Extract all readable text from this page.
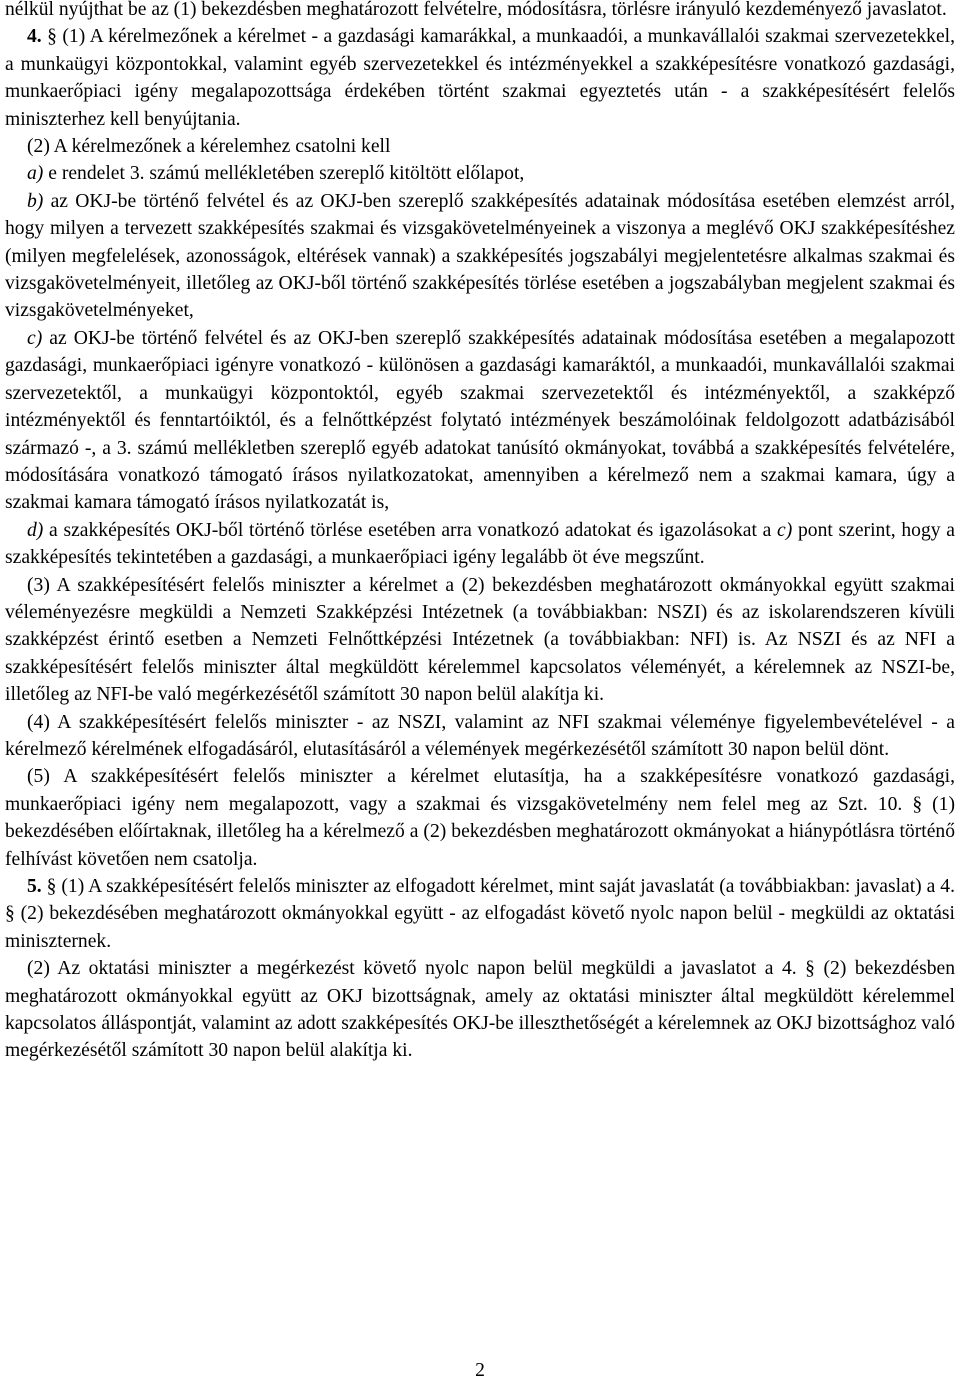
nélkül nyújthat be az (1) bekezdésben meghatározott felvételre, módosításra, törlésre irányuló kezdeményező javaslatot.

4. § (1) A kérelmezőnek a kérelmet - a gazdasági kamarákkal, a munkaadói, a munkavállalói szakmai szervezetekkel, a munkaügyi központokkal, valamint egyéb szervezetekkel és intézményekkel a szakképesítésre vonatkozó gazdasági, munkaerőpiaci igény megalapozottsága érdekében történt szakmai egyeztetés után - a szakképesítésért felelős miniszterhez kell benyújtania.

(2) A kérelmezőnek a kérelemhez csatolni kell

a) e rendelet 3. számú mellékletében szereplő kitöltött előlapot,

b) az OKJ-be történő felvétel és az OKJ-ben szereplő szakképesítés adatainak módosítása esetében elemzést arról, hogy milyen a tervezett szakképesítés szakmai és vizsgakövetelményeinek a viszonya a meglévő OKJ szakképesítéshez (milyen megfelelések, azonosságok, eltérések vannak) a szakképesítés jogszabályi megjelentetésre alkalmas szakmai és vizsgakövetelményeit, illetőleg az OKJ-ből történő szakképesítés törlése esetében a jogszabályban megjelent szakmai és vizsgakövetelményeket,

c) az OKJ-be történő felvétel és az OKJ-ben szereplő szakképesítés adatainak módosítása esetében a megalapozott gazdasági, munkaerőpiaci igényre vonatkozó - különösen a gazdasági kamaráktól, a munkaadói, munkavállalói szakmai szervezetektől, a munkaügyi központoktól, egyéb szakmai szervezetektől és intézményektől, a szakképző intézményektől és fenntartóiktól, és a felnőttképzést folytató intézmények beszámolóinak feldolgozott adatbázisából származó -, a 3. számú mellékletben szereplő egyéb adatokat tanúsító okmányokat, továbbá a szakképesítés felvételére, módosítására vonatkozó támogató írásos nyilatkozatokat, amennyiben a kérelmező nem a szakmai kamara, úgy a szakmai kamara támogató írásos nyilatkozatát is,

d) a szakképesítés OKJ-ből történő törlése esetében arra vonatkozó adatokat és igazolásokat a c) pont szerint, hogy a szakképesítés tekintetében a gazdasági, a munkaerőpiaci igény legalább öt éve megszűnt.

(3) A szakképesítésért felelős miniszter a kérelmet a (2) bekezdésben meghatározott okmányokkal együtt szakmai véleményezésre megküldi a Nemzeti Szakképzési Intézetnek (a továbbiakban: NSZI) és az iskolarendszeren kívüli szakképzést érintő esetben a Nemzeti Felnőttképzési Intézetnek (a továbbiakban: NFI) is. Az NSZI és az NFI a szakképesítésért felelős miniszter által megküldött kérelemmel kapcsolatos véleményét, a kérelemnek az NSZI-be, illetőleg az NFI-be való megérkezésétől számított 30 napon belül alakítja ki.

(4) A szakképesítésért felelős miniszter - az NSZI, valamint az NFI szakmai véleménye figyelembevételével - a kérelmező kérelmének elfogadásáról, elutasításáról a vélemények megérkezésétől számított 30 napon belül dönt.

(5) A szakképesítésért felelős miniszter a kérelmet elutasítja, ha a szakképesítésre vonatkozó gazdasági, munkaerőpiaci igény nem megalapozott, vagy a szakmai és vizsgakövetelmény nem felel meg az Szt. 10. § (1) bekezdésében előírtaknak, illetőleg ha a kérelmező a (2) bekezdésben meghatározott okmányokat a hiánypótlásra történő felhívást követően nem csatolja.

5. § (1) A szakképesítésért felelős miniszter az elfogadott kérelmet, mint saját javaslatát (a továbbiakban: javaslat) a 4. § (2) bekezdésében meghatározott okmányokkal együtt - az elfogadást követő nyolc napon belül - megküldi az oktatási miniszternek.

(2) Az oktatási miniszter a megérkezést követő nyolc napon belül megküldi a javaslatot a 4. § (2) bekezdésben meghatározott okmányokkal együtt az OKJ bizottságnak, amely az oktatási miniszter által megküldött kérelemmel kapcsolatos álláspontját, valamint az adott szakképesítés OKJ-be illeszthetőségét a kérelemnek az OKJ bizottsághoz való megérkezésétől számított 30 napon belül alakítja ki.

2
